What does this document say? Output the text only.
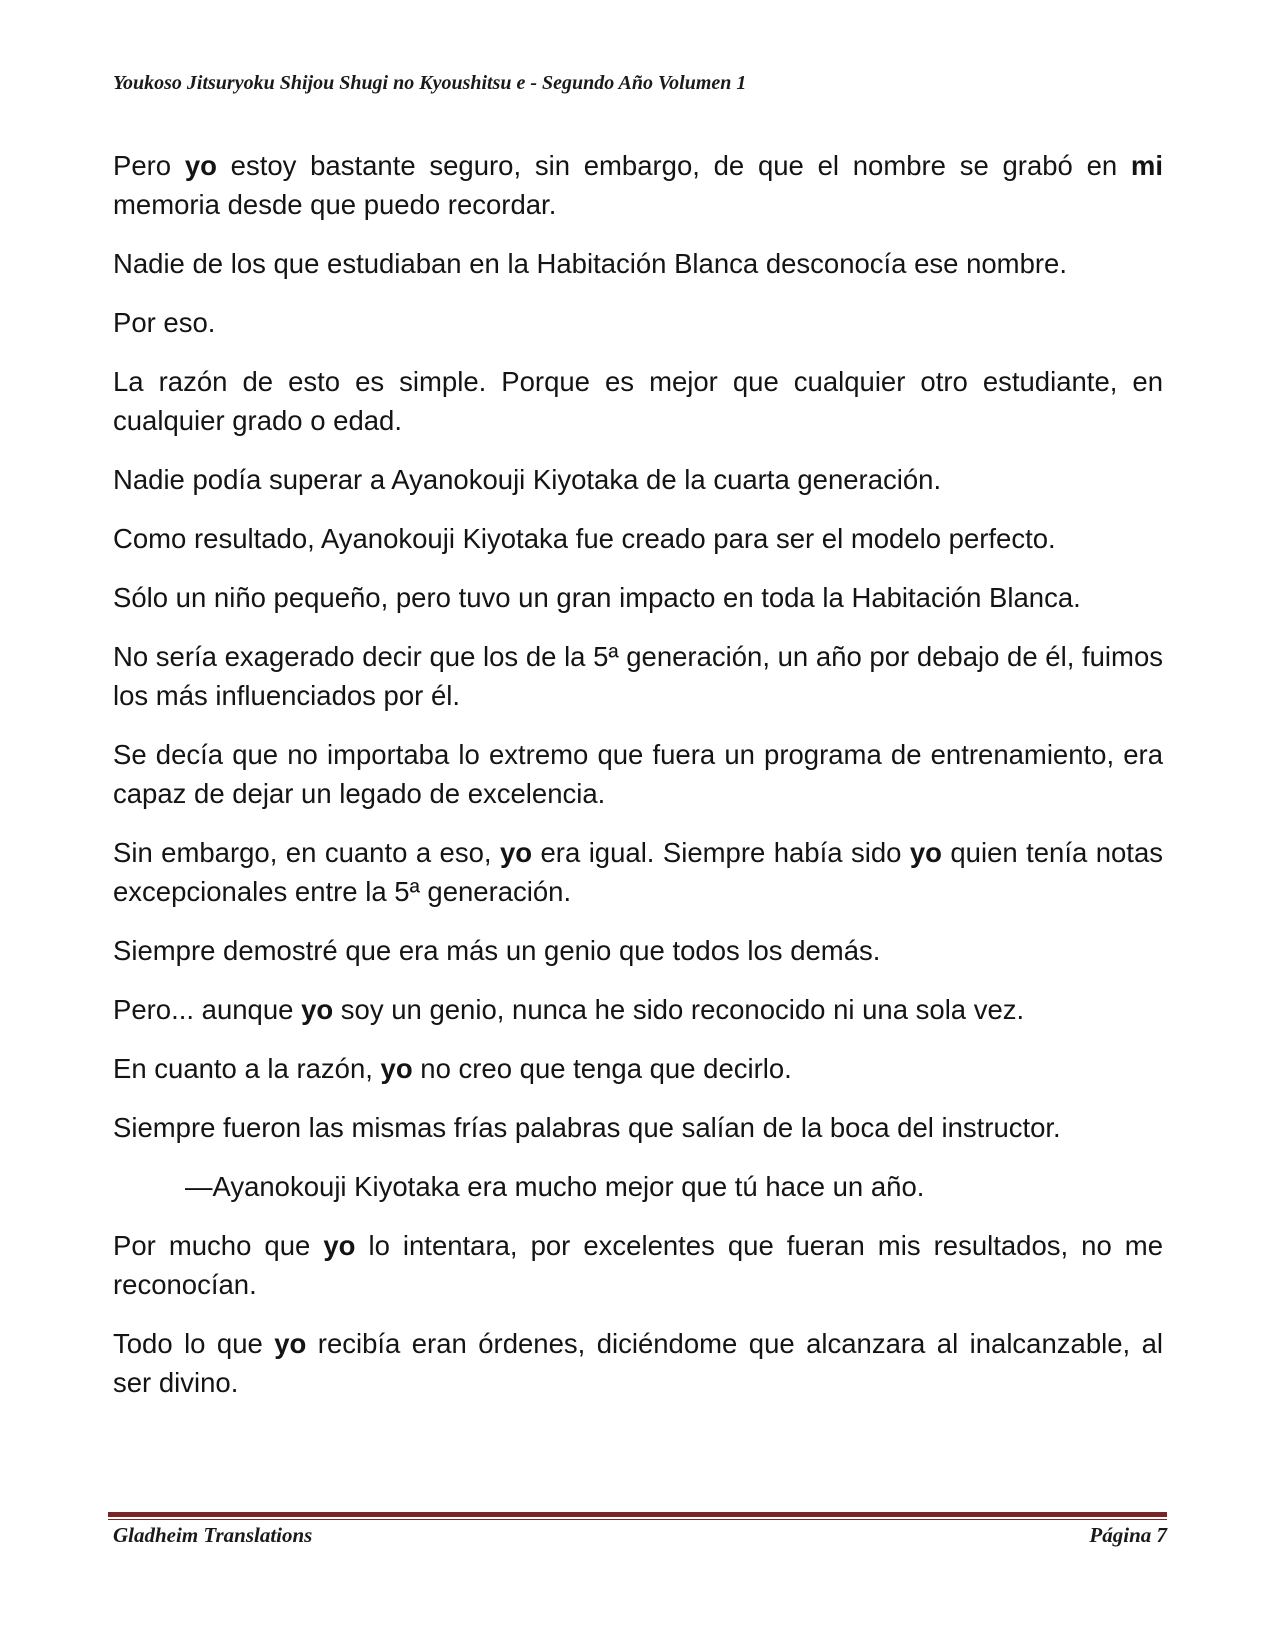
Youkoso Jitsuryoku Shijou Shugi no Kyoushitsu e - Segundo Año Volumen 1

Pero yo estoy bastante seguro, sin embargo, de que el nombre se grabó en mi memoria desde que puedo recordar.

Nadie de los que estudiaban en la Habitación Blanca desconocía ese nombre.

Por eso.

La razón de esto es simple. Porque es mejor que cualquier otro estudiante, en cualquier grado o edad.

Nadie podía superar a Ayanokouji Kiyotaka de la cuarta generación.

Como resultado, Ayanokouji Kiyotaka fue creado para ser el modelo perfecto.

Sólo un niño pequeño, pero tuvo un gran impacto en toda la Habitación Blanca.

No sería exagerado decir que los de la 5ª generación, un año por debajo de él, fuimos los más influenciados por él.

Se decía que no importaba lo extremo que fuera un programa de entrenamiento, era capaz de dejar un legado de excelencia.

Sin embargo, en cuanto a eso, yo era igual. Siempre había sido yo quien tenía notas excepcionales entre la 5ª generación.

Siempre demostré que era más un genio que todos los demás.

Pero... aunque yo soy un genio, nunca he sido reconocido ni una sola vez.

En cuanto a la razón, yo no creo que tenga que decirlo.

Siempre fueron las mismas frías palabras que salían de la boca del instructor.

—Ayanokouji Kiyotaka era mucho mejor que tú hace un año.

Por mucho que yo lo intentara, por excelentes que fueran mis resultados, no me reconocían.

Todo lo que yo recibía eran órdenes, diciéndome que alcanzara al inalcanzable, al ser divino.

Gladheim Translations	Página 7
